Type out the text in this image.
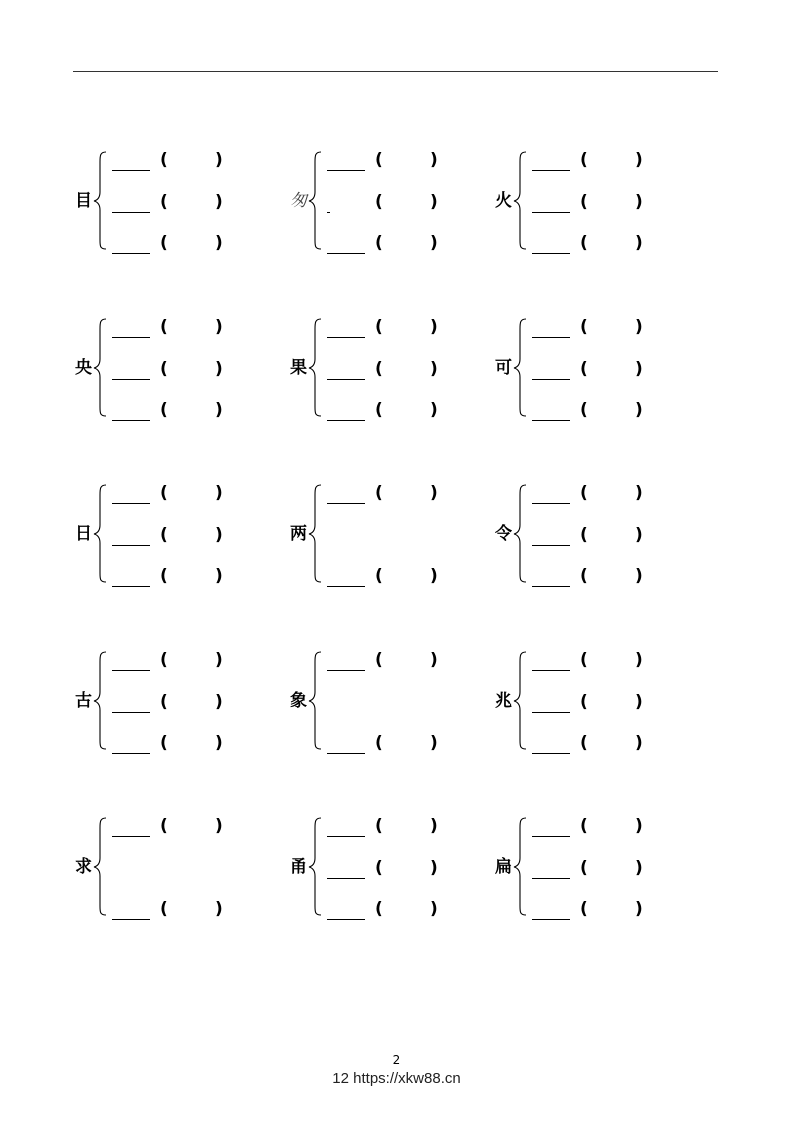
目
(	)
(	)
(	)
匆
(	)
(	)
(	)
火
(	)
(	)
(	)
央
(	)
(	)
(	)
果
(	)
(	)
(	)
可
(	)
(	)
(	)
日
(	)
(	)
(	)
两
(	)
(	)
令
(	)
(	)
(	)
古
(	)
(	)
(	)
象
(	)
(	)
兆
(	)
(	)
(	)
求
(	)
(	)
甬
(	)
(	)
(	)
扁
(	)
(	)
(	)
2
12 https://xkw88.cn
